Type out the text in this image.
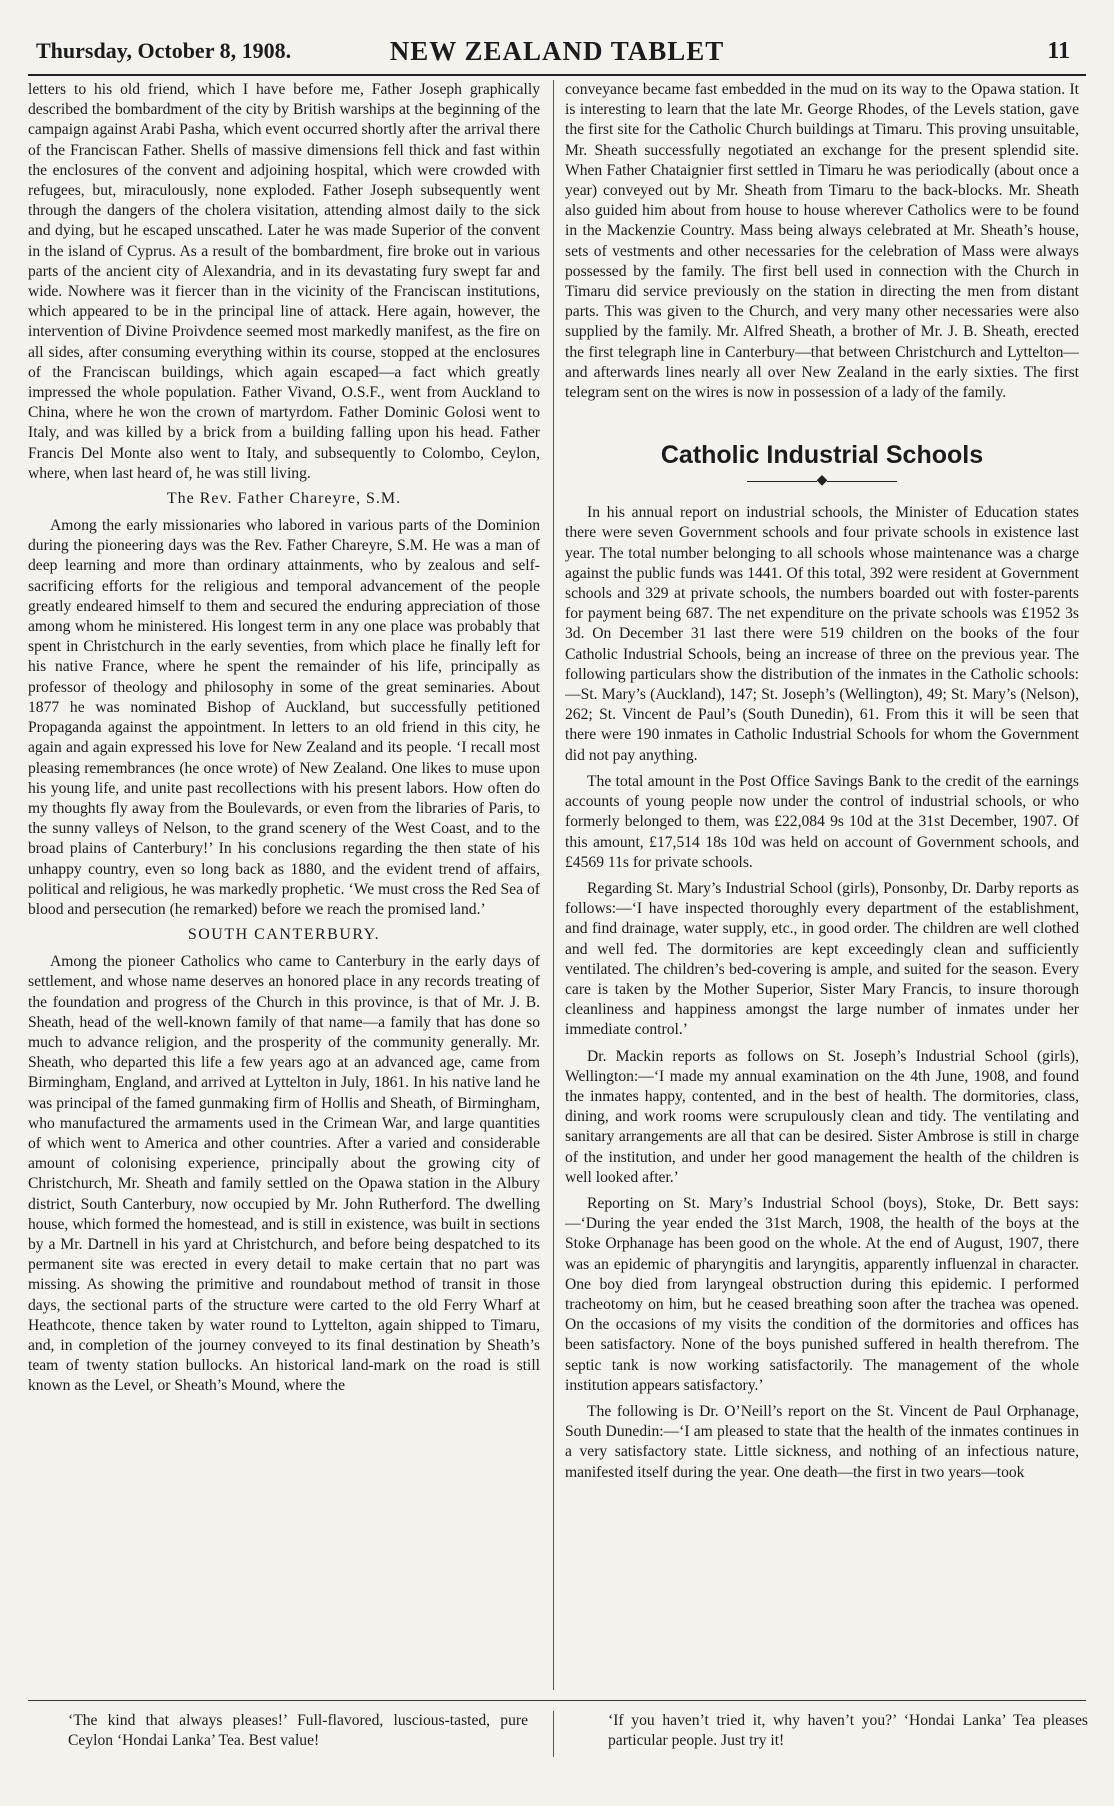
Thursday, October 8, 1908.	NEW ZEALAND TABLET	11

letters to his old friend, which I have before me, Father Joseph graphically described the bombardment of the city by British warships at the beginning of the campaign against Arabi Pasha, which event occurred shortly after the arrival there of the Franciscan Father. Shells of massive dimensions fell thick and fast within the enclosures of the convent and adjoining hospital, which were crowded with refugees, but, miraculously, none exploded. Father Joseph subsequently went through the dangers of the cholera visitation, attending almost daily to the sick and dying, but he escaped unscathed. Later he was made Superior of the convent in the island of Cyprus. As a result of the bombardment, fire broke out in various parts of the ancient city of Alexandria, and in its devastating fury swept far and wide. Nowhere was it fiercer than in the vicinity of the Franciscan institutions, which appeared to be in the principal line of attack. Here again, however, the intervention of Divine Proivdence seemed most markedly manifest, as the fire on all sides, after consuming everything within its course, stopped at the enclosures of the Franciscan buildings, which again escaped—a fact which greatly impressed the whole population. Father Vivand, O.S.F., went from Auckland to China, where he won the crown of martyrdom. Father Dominic Golosi went to Italy, and was killed by a brick from a building falling upon his head. Father Francis Del Monte also went to Italy, and subsequently to Colombo, Ceylon, where, when last heard of, he was still living.

The Rev. Father Chareyre, S.M.

Among the early missionaries who labored in various parts of the Dominion during the pioneering days was the Rev. Father Chareyre, S.M. He was a man of deep learning and more than ordinary attainments, who by zealous and self-sacrificing efforts for the religious and temporal advancement of the people greatly endeared himself to them and secured the enduring appreciation of those among whom he ministered. His longest term in any one place was probably that spent in Christchurch in the early seventies, from which place he finally left for his native France, where he spent the remainder of his life, principally as professor of theology and philosophy in some of the great seminaries. About 1877 he was nominated Bishop of Auckland, but successfully petitioned Propaganda against the appointment. In letters to an old friend in this city, he again and again expressed his love for New Zealand and its people. ‘I recall most pleasing remembrances (he once wrote) of New Zealand. One likes to muse upon his young life, and unite past recollections with his present labors. How often do my thoughts fly away from the Boulevards, or even from the libraries of Paris, to the sunny valleys of Nelson, to the grand scenery of the West Coast, and to the broad plains of Canterbury!’ In his conclusions regarding the then state of his unhappy country, even so long back as 1880, and the evident trend of affairs, political and religious, he was markedly prophetic. ‘We must cross the Red Sea of blood and persecution (he remarked) before we reach the promised land.’

SOUTH CANTERBURY.

Among the pioneer Catholics who came to Canterbury in the early days of settlement, and whose name deserves an honored place in any records treating of the foundation and progress of the Church in this province, is that of Mr. J. B. Sheath, head of the well-known family of that name—a family that has done so much to advance religion, and the prosperity of the community generally. Mr. Sheath, who departed this life a few years ago at an advanced age, came from Birmingham, England, and arrived at Lyttelton in July, 1861. In his native land he was principal of the famed gunmaking firm of Hollis and Sheath, of Birmingham, who manufactured the armaments used in the Crimean War, and large quantities of which went to America and other countries. After a varied and considerable amount of colonising experience, principally about the growing city of Christchurch, Mr. Sheath and family settled on the Opawa station in the Albury district, South Canterbury, now occupied by Mr. John Rutherford. The dwelling house, which formed the homestead, and is still in existence, was built in sections by a Mr. Dartnell in his yard at Christchurch, and before being despatched to its permanent site was erected in every detail to make certain that no part was missing. As showing the primitive and roundabout method of transit in those days, the sectional parts of the structure were carted to the old Ferry Wharf at Heathcote, thence taken by water round to Lyttelton, again shipped to Timaru, and, in completion of the journey conveyed to its final destination by Sheath’s team of twenty station bullocks. An historical land-mark on the road is still known as the Level, or Sheath’s Mound, where the

conveyance became fast embedded in the mud on its way to the Opawa station. It is interesting to learn that the late Mr. George Rhodes, of the Levels station, gave the first site for the Catholic Church buildings at Timaru. This proving unsuitable, Mr. Sheath successfully negotiated an exchange for the present splendid site. When Father Chataignier first settled in Timaru he was periodically (about once a year) conveyed out by Mr. Sheath from Timaru to the back-blocks. Mr. Sheath also guided him about from house to house wherever Catholics were to be found in the Mackenzie Country. Mass being always celebrated at Mr. Sheath’s house, sets of vestments and other necessaries for the celebration of Mass were always possessed by the family. The first bell used in connection with the Church in Timaru did service previously on the station in directing the men from distant parts. This was given to the Church, and very many other necessaries were also supplied by the family. Mr. Alfred Sheath, a brother of Mr. J. B. Sheath, erected the first telegraph line in Canterbury—that between Christchurch and Lyttelton—and afterwards lines nearly all over New Zealand in the early sixties. The first telegram sent on the wires is now in possession of a lady of the family.

Catholic Industrial Schools
◆

In his annual report on industrial schools, the Minister of Education states there were seven Government schools and four private schools in existence last year. The total number belonging to all schools whose maintenance was a charge against the public funds was 1441. Of this total, 392 were resident at Government schools and 329 at private schools, the numbers boarded out with foster-parents for payment being 687. The net expenditure on the private schools was £1952 3s 3d. On December 31 last there were 519 children on the books of the four Catholic Industrial Schools, being an increase of three on the previous year. The following particulars show the distribution of the inmates in the Catholic schools:—St. Mary’s (Auckland), 147; St. Joseph’s (Wellington), 49; St. Mary’s (Nelson), 262; St. Vincent de Paul’s (South Dunedin), 61. From this it will be seen that there were 190 inmates in Catholic Industrial Schools for whom the Government did not pay anything.

The total amount in the Post Office Savings Bank to the credit of the earnings accounts of young people now under the control of industrial schools, or who formerly belonged to them, was £22,084 9s 10d at the 31st December, 1907. Of this amount, £17,514 18s 10d was held on account of Government schools, and £4569 11s for private schools.

Regarding St. Mary’s Industrial School (girls), Ponsonby, Dr. Darby reports as follows:—‘I have inspected thoroughly every department of the establishment, and find drainage, water supply, etc., in good order. The children are well clothed and well fed. The dormitories are kept exceedingly clean and sufficiently ventilated. The children’s bed-covering is ample, and suited for the season. Every care is taken by the Mother Superior, Sister Mary Francis, to insure thorough cleanliness and happiness amongst the large number of inmates under her immediate control.’

Dr. Mackin reports as follows on St. Joseph’s Industrial School (girls), Wellington:—‘I made my annual examination on the 4th June, 1908, and found the inmates happy, contented, and in the best of health. The dormitories, class, dining, and work rooms were scrupulously clean and tidy. The ventilating and sanitary arrangements are all that can be desired. Sister Ambrose is still in charge of the institution, and under her good management the health of the children is well looked after.’

Reporting on St. Mary’s Industrial School (boys), Stoke, Dr. Bett says:—‘During the year ended the 31st March, 1908, the health of the boys at the Stoke Orphanage has been good on the whole. At the end of August, 1907, there was an epidemic of pharyngitis and laryngitis, apparently influenzal in character. One boy died from laryngeal obstruction during this epidemic. I performed tracheotomy on him, but he ceased breathing soon after the trachea was opened. On the occasions of my visits the condition of the dormitories and offices has been satisfactory. None of the boys punished suffered in health therefrom. The septic tank is now working satisfactorily. The management of the whole institution appears satisfactory.’

The following is Dr. O’Neill’s report on the St. Vincent de Paul Orphanage, South Dunedin:—‘I am pleased to state that the health of the inmates continues in a very satisfactory state. Little sickness, and nothing of an infectious nature, manifested itself during the year. One death—the first in two years—took

‘The kind that always pleases!’ Full-flavored, luscious-tasted, pure Ceylon ‘Hondai Lanka’ Tea. Best value!
‘If you haven’t tried it, why haven’t you?’ ‘Hondai Lanka’ Tea pleases particular people. Just try it!
